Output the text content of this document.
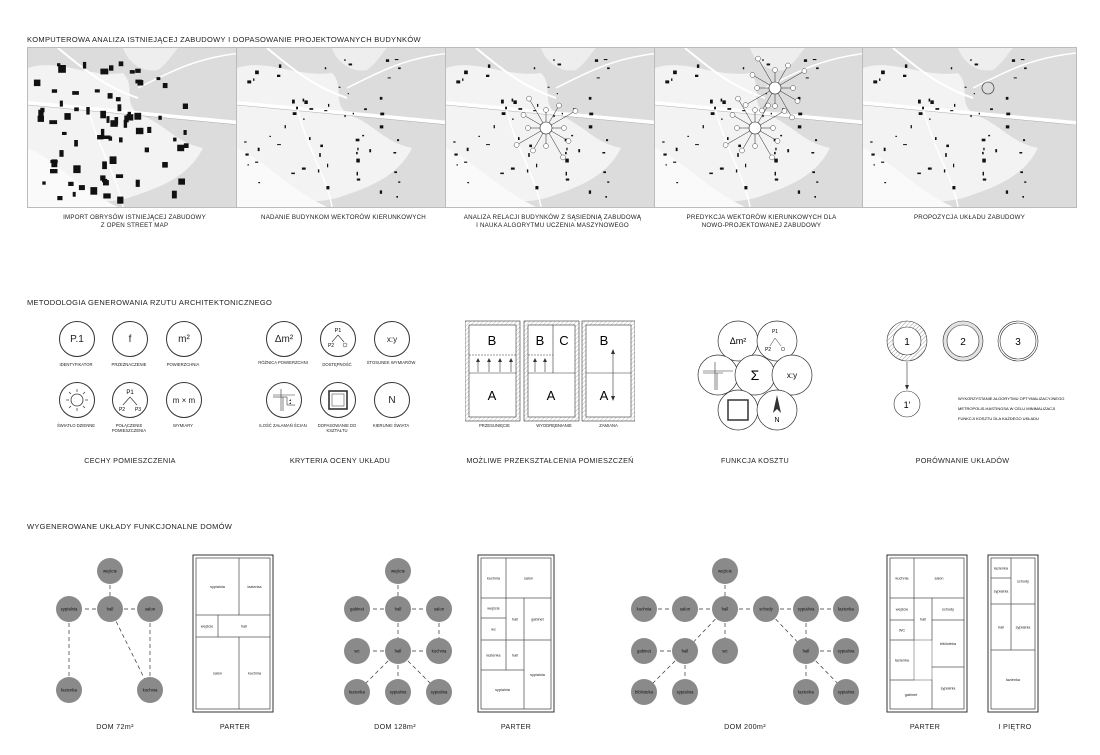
KOMPUTEROWA ANALIZA ISTNIEJĄCEJ ZABUDOWY I DOPASOWANIE PROJEKTOWANYCH BUDYNKÓW
IMPORT OBRYSÓW ISTNIEJĄCEJ ZABUDOWY
Z OPEN STREET MAP
NADANIE BUDYNKOM WEKTORÓW KIERUNKOWYCH	ANALIZA RELACJI BUDYNKÓW Z SĄSIEDNIĄ ZABUDOWĄ
I NAUKA ALGORYTMU UCZENIA MASZYNOWEGO
PREDYKCJA WEKTORÓW KIERUNKOWYCH DLA
NOWO-PROJEKTOWANEJ ZABUDOWY
PROPOZYCJA UKŁADU ZABUDOWY
METODOLOGIA GENEROWANIA RZUTU ARCHITEKTONICZNEGO
P.1	f	m²
IDENTYFIKATOR	PRZEZNACZENIE	POWIERZCHNIA
P1
P2 P3
m × m
ŚWIATŁO DZIENNE	POŁĄCZENIE POMIESZCZENIA
WYMIARY
CECHY POMIESZCZENIA
Δm²
P1
P2
x:y
RÓŻNICA POWIERZCHNI	DOSTĘPNOŚĆ	STOSUNEK WYMIARÓW
N
ILOŚĆ ZAŁAMAŃ ŚCIAN	DOPASOWANIE DO KSZTAŁTU
KIERUNKI ŚWIATA
KRYTERIA OCENY UKŁADU
B
A
B C
A
B
A
PRZESUNIĘCIE	WYODRĘBNIANIE	ZAMIANA
MOŻLIWE PRZEKSZTAŁCENIA POMIESZCZEŃ
Δm²
P1
P2
Σ	x:y
N
FUNKCJA KOSZTU
1	2	3
1'
WYKORZYSTANIE ALGORYTMU OPTYMALIZACYJNEGO
METROPOLIS-HASTINGSA W CELU MINIMALIZACJI
FUNKCJI KOSZTU DLA KAŻDEGO UKŁADU
PORÓWNANIE UKŁADÓW
WYGENEROWANE UKŁADY FUNKCJONALNE DOMÓW
wejście
hall
sypialnia	salon
łazienka	kuchnia
sypialnia	łazienka
wejście	hall
salon	kuchnia
wejście
hall
gabinet	salon
wc	hall	kuchnia
łazienka	sypialnia	sypialnia
kuchnia	salon
wejście
hall	gabinet
wc
łazienka
sypialnia
hall
sypialnia
wejście
kuchnia	salon	hall	schody	sypialnia	łazienka
gabinet	hall	wc	hall	sypialnia
biblioteka	sypialnia	łazienka	sypialnia
kuchnia	salon
wejście
hall
schody
WC
biblioteka
łazienka
gabinet
sypialnia
łazienka
sypialnia
schody
hall	sypialnia
łazienka
DOM 72m²	PARTER	DOM 128m²	PARTER	DOM 200m²	PARTER	I PIĘTRO
